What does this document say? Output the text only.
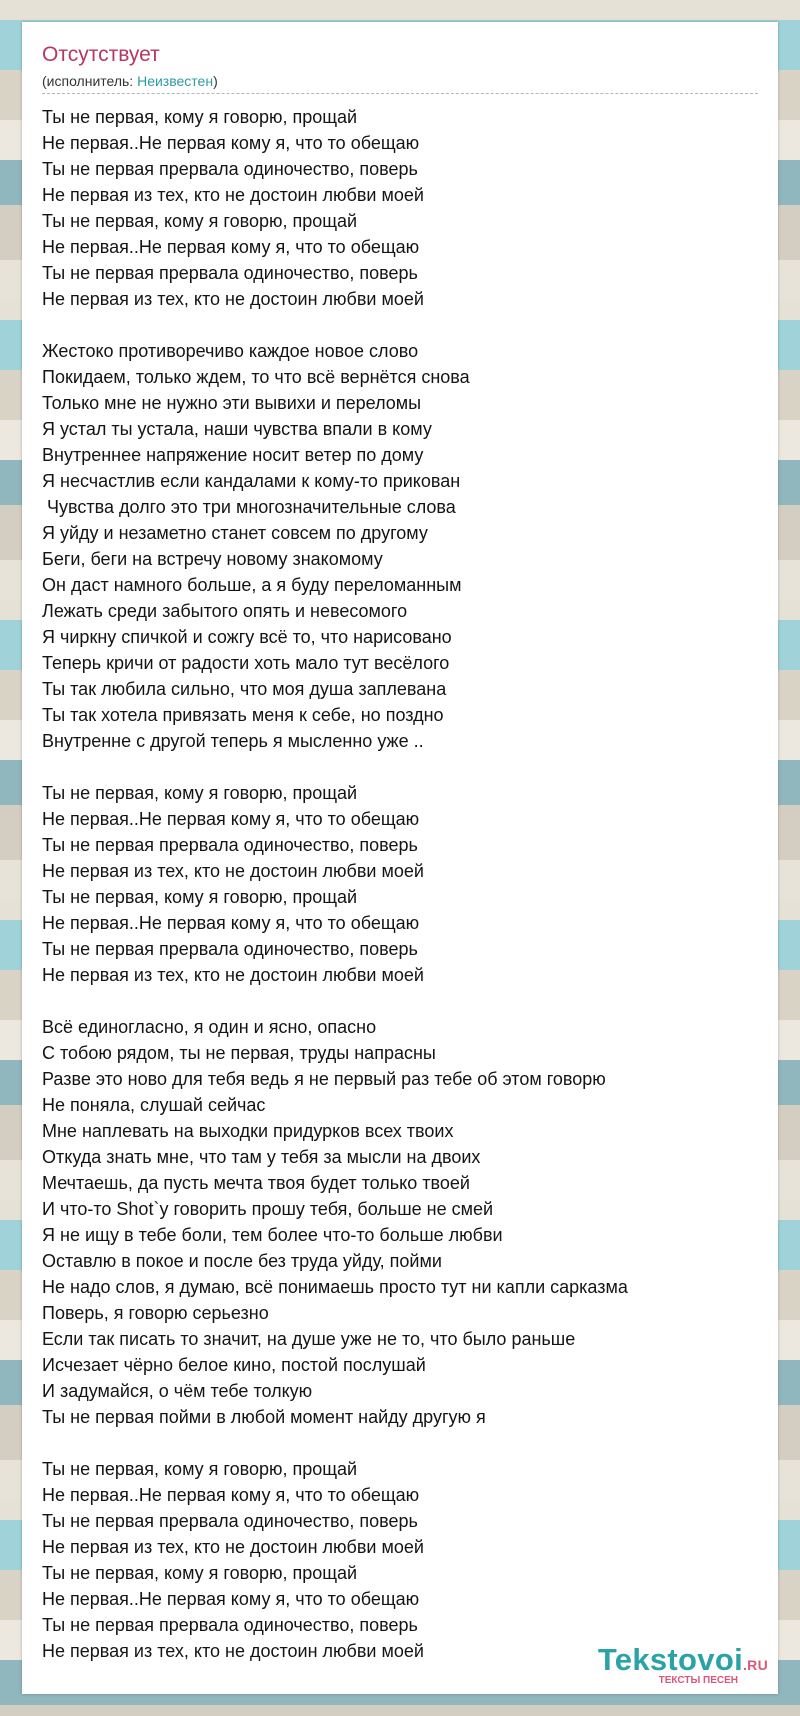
Отсутствует
(исполнитель: Неизвестен)
Ты не первая, кому я говорю, прощай
Не первая..Не первая кому я, что то обещаю
Ты не первая прервала одиночество, поверь
Не первая из тех, кто не достоин любви моей
Ты не первая, кому я говорю, прощай
Не первая..Не первая кому я, что то обещаю
Ты не первая прервала одиночество, поверь
Не первая из тех, кто не достоин любви моей
Жестоко противоречиво каждое новое слово
Покидаем, только ждем, то что всё вернётся снова
Только мне не нужно эти вывихи и переломы
Я устал ты устала, наши чувства впали в кому
Внутреннее напряжение носит ветер по дому
Я несчастлив если кандалами к кому-то прикован
Чувства долго это три многозначительные слова
Я уйду и незаметно станет совсем по другому
Беги, беги на встречу новому знакомому
Он даст намного больше, а я буду переломанным
Лежать среди забытого опять и невесомого
Я чиркну спичкой и сожгу всё то, что нарисовано
Теперь кричи от радости хоть мало тут весёлого
Ты так любила сильно, что моя душа заплевана
Ты так хотела привязать меня к себе, но поздно
Внутренне с другой теперь я мысленно уже ..
Ты не первая, кому я говорю, прощай
Не первая..Не первая кому я, что то обещаю
Ты не первая прервала одиночество, поверь
Не первая из тех, кто не достоин любви моей
Ты не первая, кому я говорю, прощай
Не первая..Не первая кому я, что то обещаю
Ты не первая прервала одиночество, поверь
Не первая из тех, кто не достоин любви моей
Всё единогласно, я один и ясно, опасно
С тобою рядом, ты не первая, труды напрасны
Разве это ново для тебя ведь я не первый раз тебе об этом говорю
Не поняла, слушай сейчас
Мне наплевать на выходки придурков всех твоих
Откуда знать мне, что там у тебя за мысли на двоих
Мечтаешь, да пусть мечта твоя будет только твоей
И что-то Shot`у говорить прошу тебя, больше не смей
Я не ищу в тебе боли, тем более что-то больше любви
Оставлю в покое и после без труда уйду, пойми
Не надо слов, я думаю, всё понимаешь просто тут ни капли сарказма
Поверь, я говорю серьезно
Если так писать то значит, на душе уже не то, что было раньше
Исчезает чёрно белое кино, постой послушай
И задумайся, о чём тебе толкую
Ты не первая пойми в любой момент найду другую я
Ты не первая, кому я говорю, прощай
Не первая..Не первая кому я, что то обещаю
Ты не первая прервала одиночество, поверь
Не первая из тех, кто не достоин любви моей
Ты не первая, кому я говорю, прощай
Не первая..Не первая кому я, что то обещаю
Ты не первая прервала одиночество, поверь
Не первая из тех, кто не достоин любви моей	Tekstovoi.RU
ТЕКСТЫ ПЕСЕН
